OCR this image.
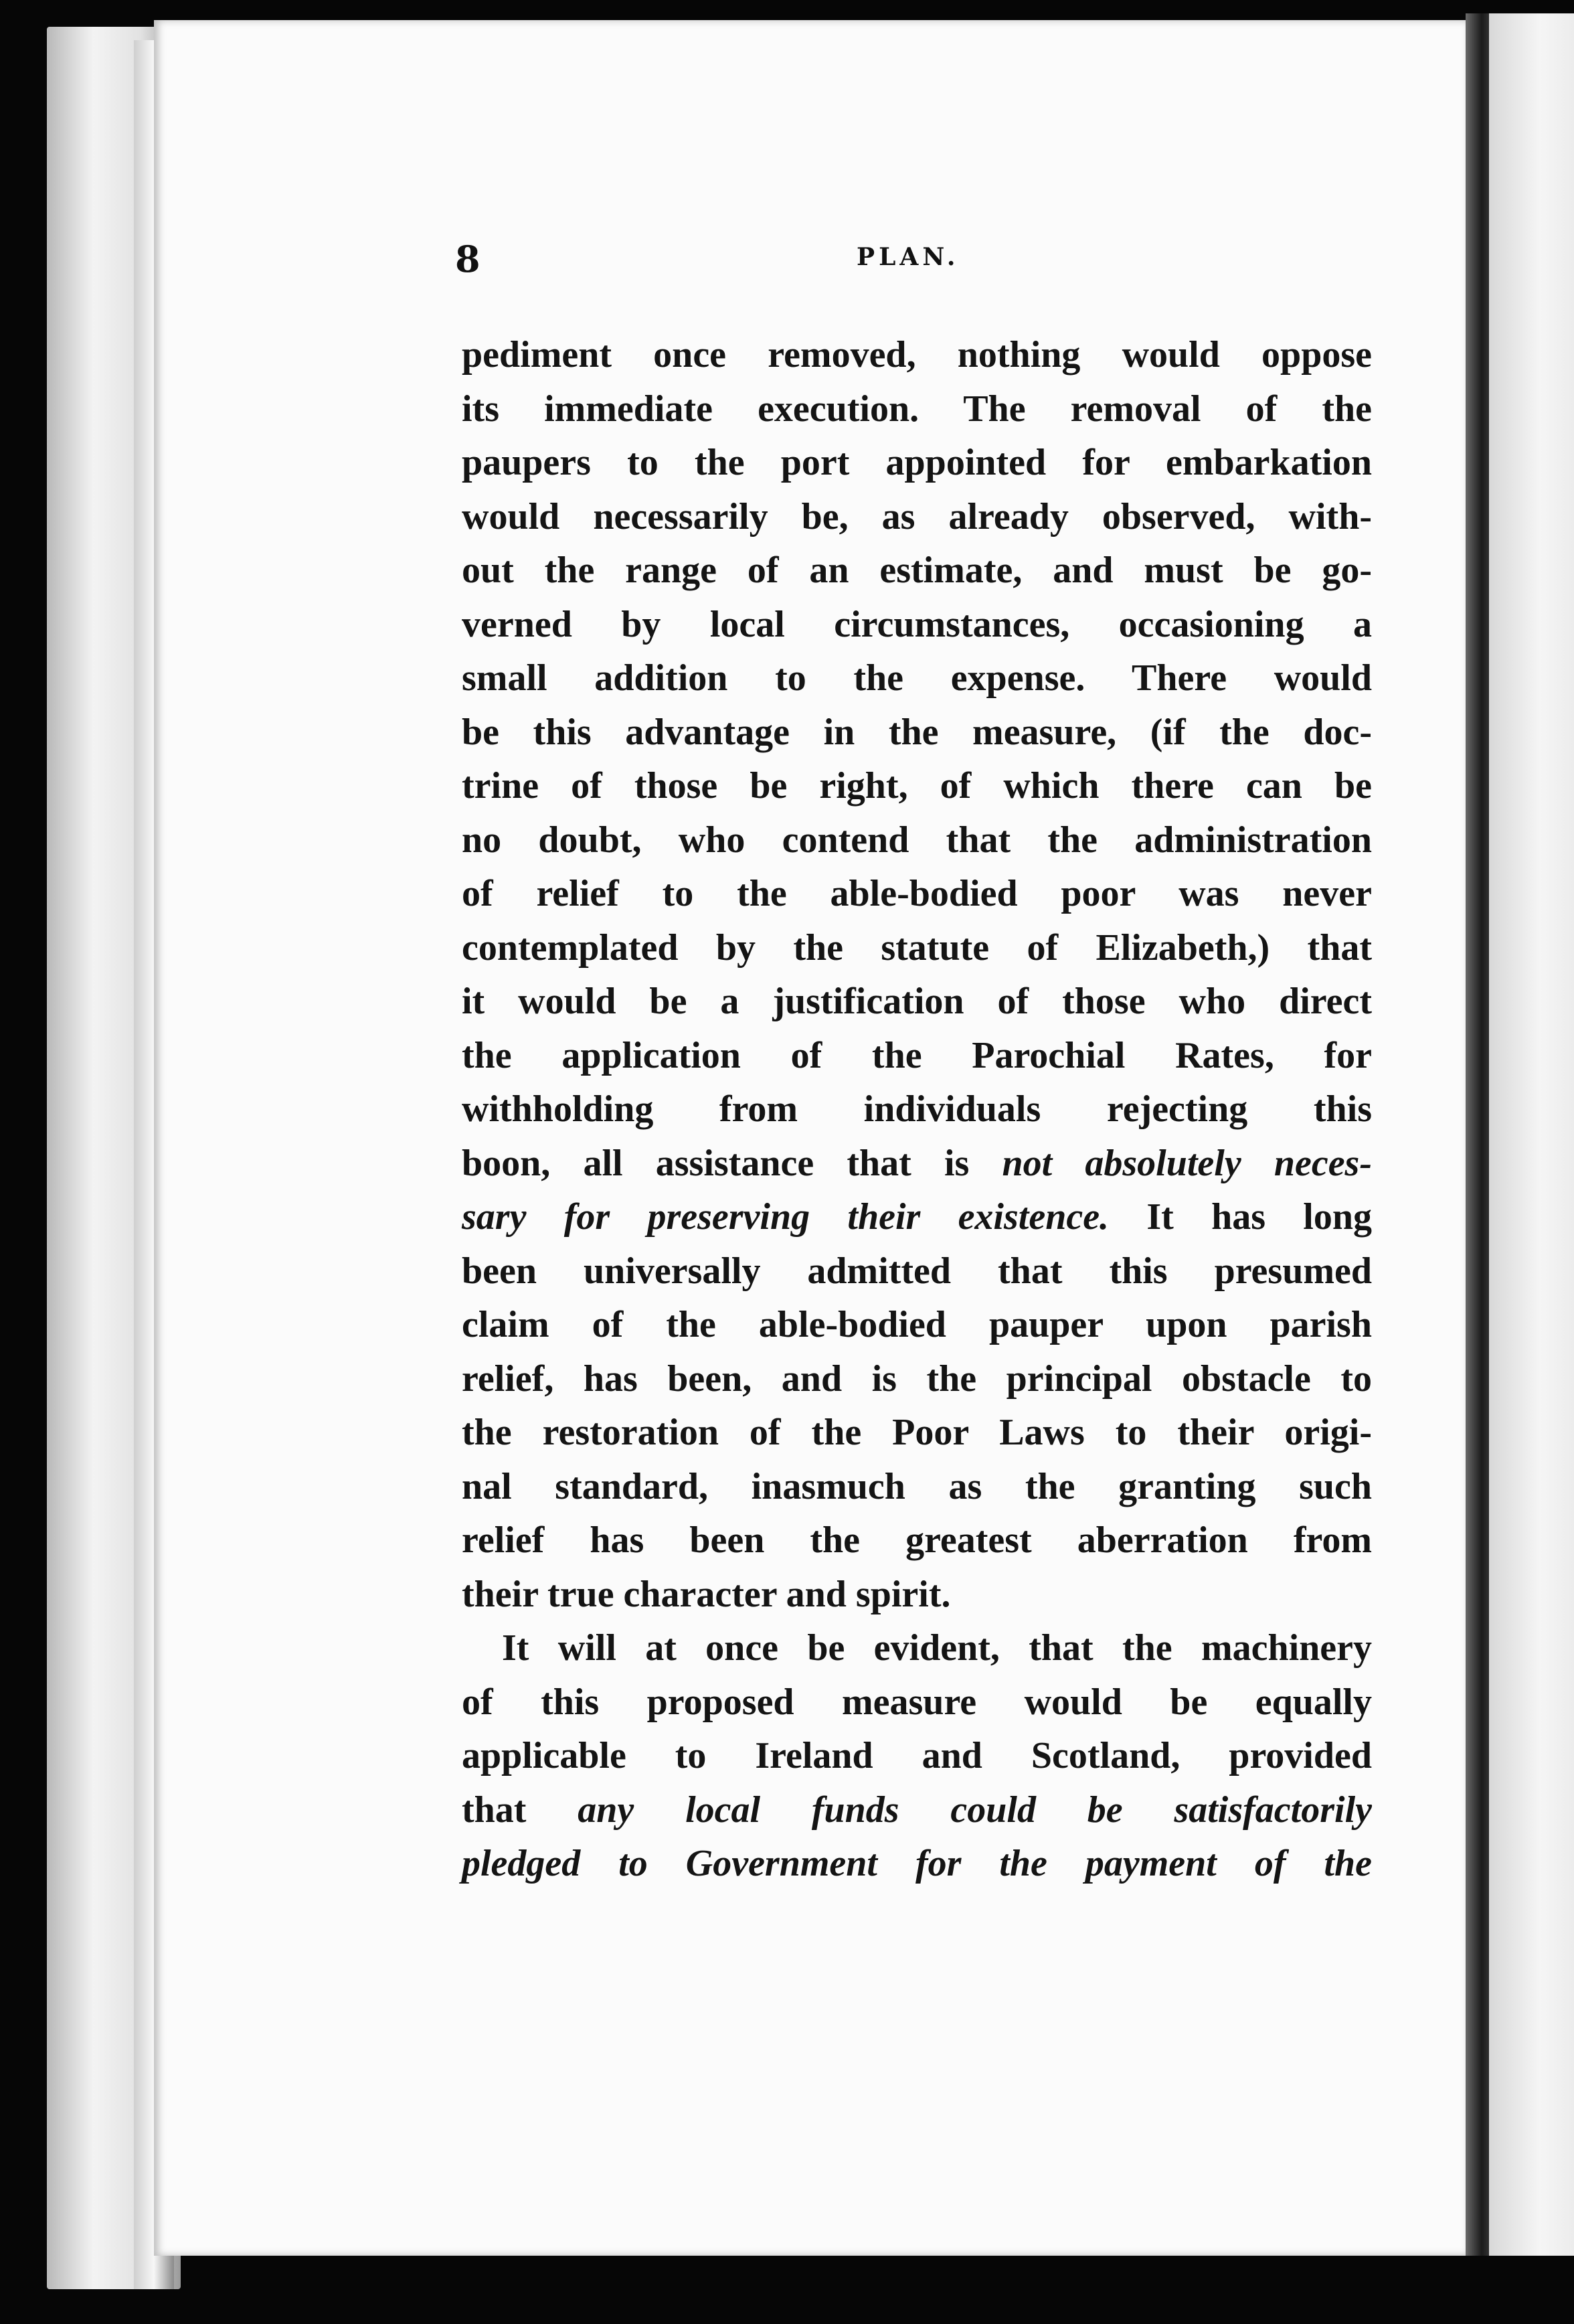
8	PLAN.
pediment once removed, nothing would oppose
its immediate execution. The removal of the
paupers to the port appointed for embarkation
would necessarily be, as already observed, with-
out the range of an estimate, and must be go-
verned by local circumstances, occasioning a
small addition to the expense. There would
be this advantage in the measure, (if the doc-
trine of those be right, of which there can be
no doubt, who contend that the administration
of relief to the able-bodied poor was never
contemplated by the statute of Elizabeth,) that
it would be a justification of those who direct
the application of the Parochial Rates, for
withholding from individuals rejecting this
boon, all assistance that is not absolutely neces-
sary for preserving their existence. It has long
been universally admitted that this presumed
claim of the able-bodied pauper upon parish
relief, has been, and is the principal obstacle to
the restoration of the Poor Laws to their origi-
nal standard, inasmuch as the granting such
relief has been the greatest aberration from
their true character and spirit.
It will at once be evident, that the machinery
of this proposed measure would be equally
applicable to Ireland and Scotland, provided
that any local funds could be satisfactorily
pledged to Government for the payment of the
